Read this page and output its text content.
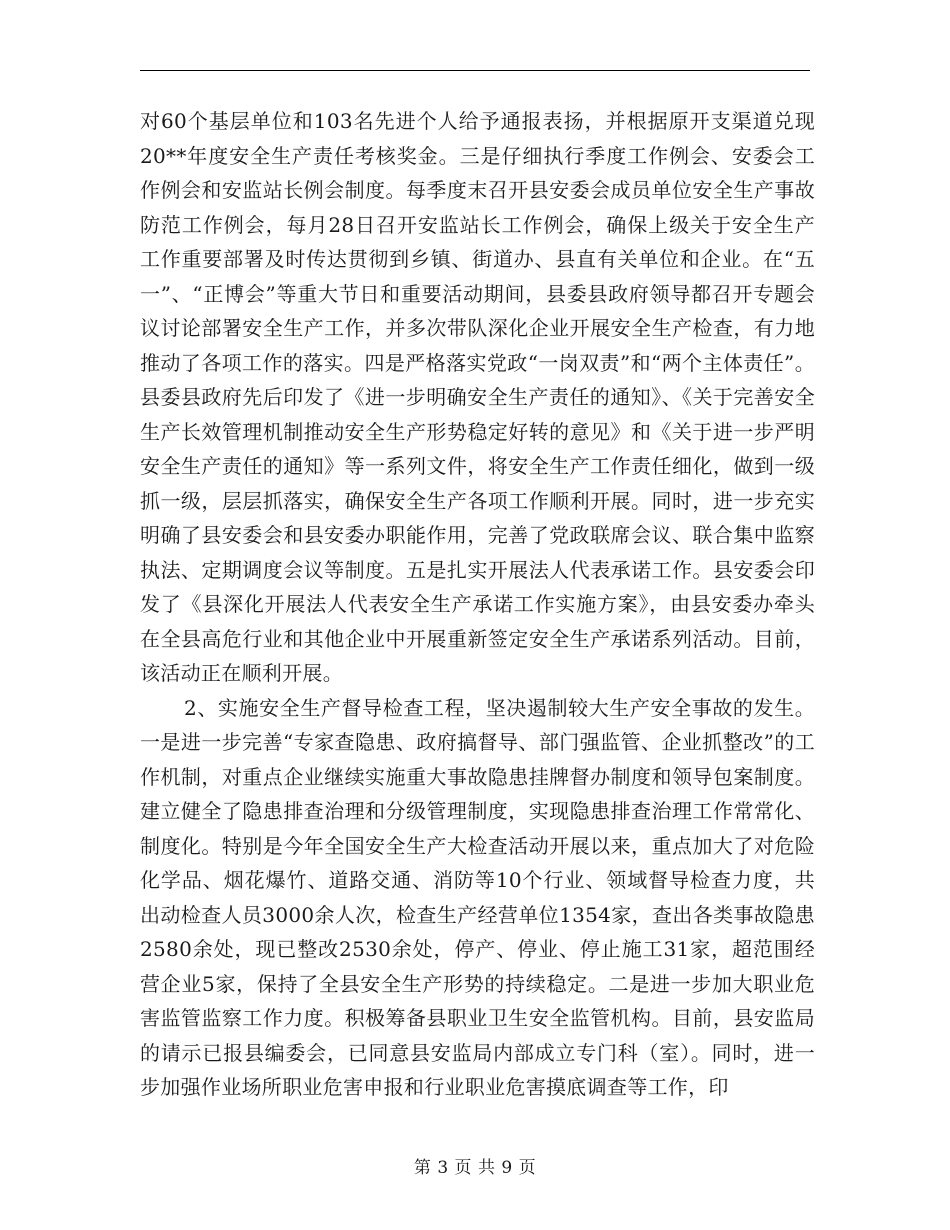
对60个基层单位和103名先进个人给予通报表扬，并根据原开支渠道兑现20**年度安全生产责任考核奖金。三是仔细执行季度工作例会、安委会工作例会和安监站长例会制度。每季度末召开县安委会成员单位安全生产事故防范工作例会，每月28日召开安监站长工作例会，确保上级关于安全生产工作重要部署及时传达贯彻到乡镇、街道办、县直有关单位和企业。在“五一”、“正博会”等重大节日和重要活动期间，县委县政府领导都召开专题会议讨论部署安全生产工作，并多次带队深化企业开展安全生产检查，有力地推动了各项工作的落实。四是严格落实党政“一岗双责”和“两个主体责任”。县委县政府先后印发了《进一步明确安全生产责任的通知》、《关于完善安全生产长效管理机制推动安全生产形势稳定好转的意见》和《关于进一步严明安全生产责任的通知》等一系列文件，将安全生产工作责任细化，做到一级抓一级，层层抓落实，确保安全生产各项工作顺利开展。同时，进一步充实明确了县安委会和县安委办职能作用，完善了党政联席会议、联合集中监察执法、定期调度会议等制度。五是扎实开展法人代表承诺工作。县安委会印发了《县深化开展法人代表安全生产承诺工作实施方案》，由县安委办牵头在全县高危行业和其他企业中开展重新签定安全生产承诺系列活动。目前，该活动正在顺利开展。

2、实施安全生产督导检查工程，坚决遏制较大生产安全事故的发生。一是进一步完善“专家查隐患、政府搞督导、部门强监管、企业抓整改”的工作机制，对重点企业继续实施重大事故隐患挂牌督办制度和领导包案制度。建立健全了隐患排查治理和分级管理制度，实现隐患排查治理工作常常化、制度化。特别是今年全国安全生产大检查活动开展以来，重点加大了对危险化学品、烟花爆竹、道路交通、消防等10个行业、领域督导检查力度，共出动检查人员3000余人次，检查生产经营单位1354家，查出各类事故隐患2580余处，现已整改2530余处，停产、停业、停止施工31家，超范围经营企业5家，保持了全县安全生产形势的持续稳定。二是进一步加大职业危害监管监察工作力度。积极筹备县职业卫生安全监管机构。目前，县安监局的请示已报县编委会，已同意县安监局内部成立专门科（室）。同时，进一步加强作业场所职业危害申报和行业职业危害摸底调查等工作，印

第 3 页 共 9 页
